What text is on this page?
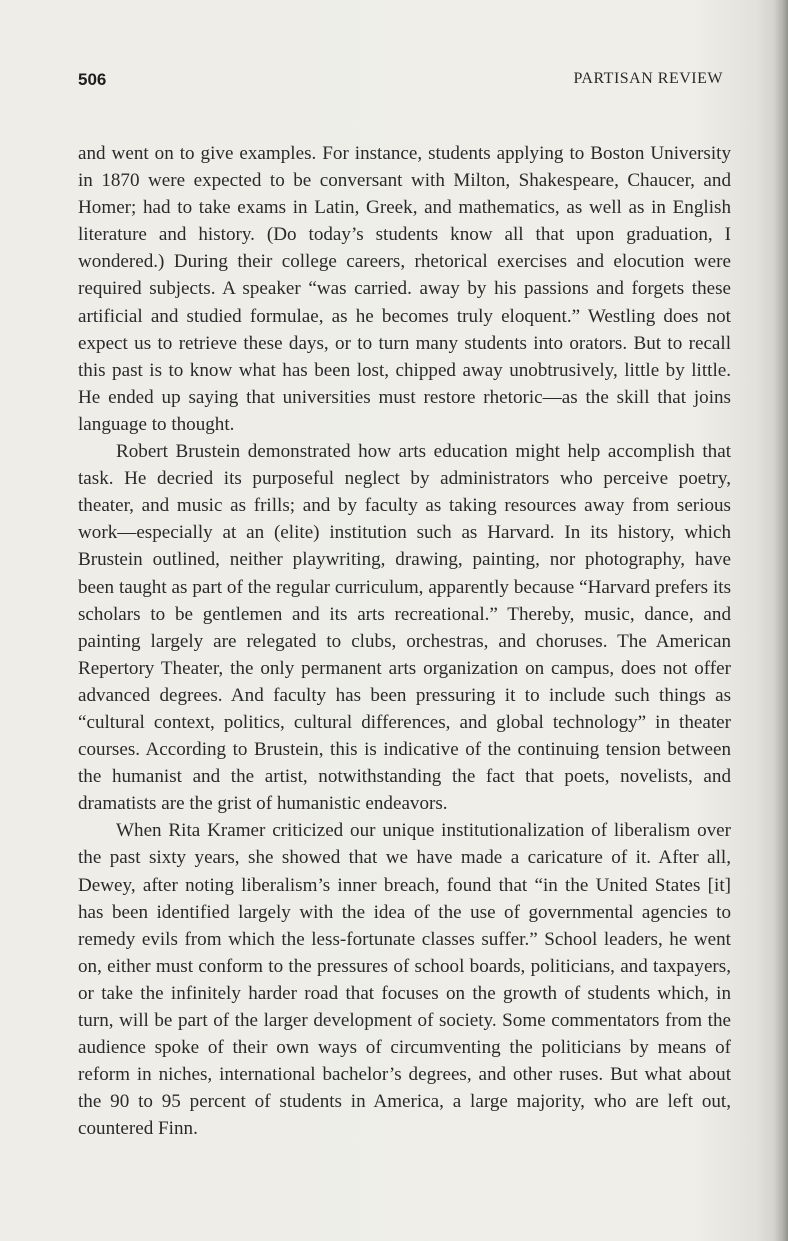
506	PARTISAN REVIEW

and went on to give examples. For instance, students applying to Boston University in 1870 were expected to be conversant with Milton, Shakespeare, Chaucer, and Homer; had to take exams in Latin, Greek, and mathematics, as well as in English literature and history. (Do today’s students know all that upon graduation, I wondered.) During their college careers, rhetorical exercises and elocution were required subjects. A speaker “was carried. away by his passions and forgets these artificial and studied formulae, as he becomes truly eloquent.” Westling does not expect us to retrieve these days, or to turn many students into orators. But to recall this past is to know what has been lost, chipped away unobtrusively, little by little. He ended up saying that universities must restore rhetoric—as the skill that joins language to thought.

Robert Brustein demonstrated how arts education might help accomplish that task. He decried its purposeful neglect by administrators who perceive poetry, theater, and music as frills; and by faculty as taking resources away from serious work—especially at an (elite) institution such as Harvard. In its history, which Brustein outlined, neither playwriting, drawing, painting, nor photography, have been taught as part of the regular curriculum, apparently because “Harvard prefers its scholars to be gentlemen and its arts recreational.” Thereby, music, dance, and painting largely are relegated to clubs, orchestras, and choruses. The American Repertory Theater, the only permanent arts organization on campus, does not offer advanced degrees. And faculty has been pressuring it to include such things as “cultural context, politics, cultural differences, and global technology” in theater courses. According to Brustein, this is indicative of the continuing tension between the humanist and the artist, notwithstanding the fact that poets, novelists, and dramatists are the grist of humanistic endeavors.

When Rita Kramer criticized our unique institutionalization of liberalism over the past sixty years, she showed that we have made a caricature of it. After all, Dewey, after noting liberalism’s inner breach, found that “in the United States [it] has been identified largely with the idea of the use of governmental agencies to remedy evils from which the less-fortunate classes suffer.” School leaders, he went on, either must conform to the pressures of school boards, politicians, and taxpayers, or take the infinitely harder road that focuses on the growth of students which, in turn, will be part of the larger development of society. Some commentators from the audience spoke of their own ways of circumventing the politicians by means of reform in niches, international bachelor’s degrees, and other ruses. But what about the 90 to 95 percent of students in America, a large majority, who are left out, countered Finn.
